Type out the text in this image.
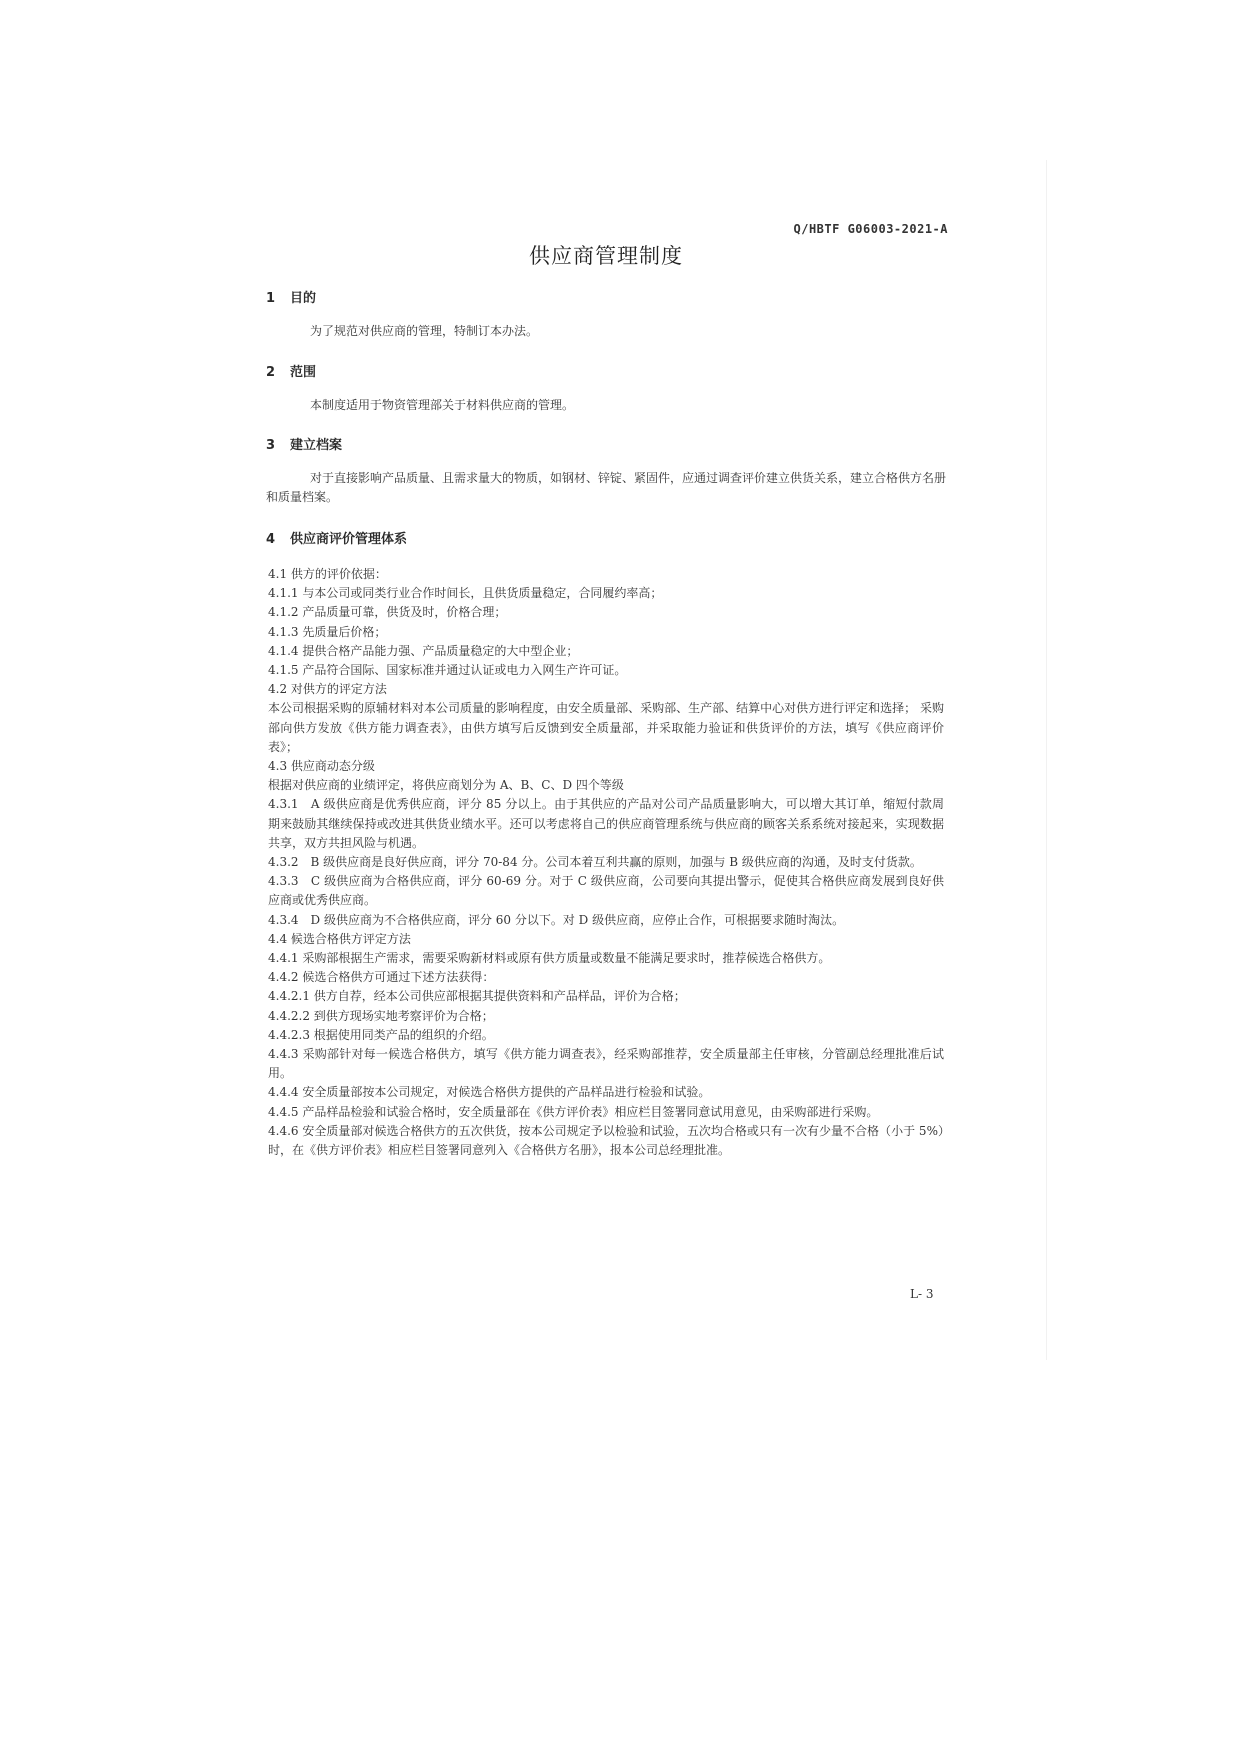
Q/HBTF G06003-2021-A
供应商管理制度
1 目的
为了规范对供应商的管理，特制订本办法。
2 范围
本制度适用于物资管理部关于材料供应商的管理。
3 建立档案
对于直接影响产品质量、且需求量大的物质，如钢材、锌锭、紧固件，应通过调查评价建立供货关系，建立合格供方名册和质量档案。
4 供应商评价管理体系
4.1 供方的评价依据：
4.1.1 与本公司或同类行业合作时间长，且供货质量稳定，合同履约率高；
4.1.2 产品质量可靠，供货及时，价格合理；
4.1.3 先质量后价格；
4.1.4 提供合格产品能力强、产品质量稳定的大中型企业；
4.1.5 产品符合国际、国家标准并通过认证或电力入网生产许可证。
4.2 对供方的评定方法
本公司根据采购的原辅材料对本公司质量的影响程度，由安全质量部、采购部、生产部、结算中心对供方进行评定和选择； 采购部向供方发放《供方能力调查表》，由供方填写后反馈到安全质量部，并采取能力验证和供货评价的方法，填写《供应商评价表》；
4.3 供应商动态分级
根据对供应商的业绩评定，将供应商划分为 A、B、C、D 四个等级
4.3.1　A 级供应商是优秀供应商，评分 85 分以上。由于其供应的产品对公司产品质量影响大，可以增大其订单，缩短付款周期来鼓励其继续保持或改进其供货业绩水平。还可以考虑将自己的供应商管理系统与供应商的顾客关系系统对接起来，实现数据共享，双方共担风险与机遇。
4.3.2　B 级供应商是良好供应商，评分 70-84 分。公司本着互利共赢的原则，加强与 B 级供应商的沟通，及时支付货款。
4.3.3　C 级供应商为合格供应商，评分 60-69 分。对于 C 级供应商，公司要向其提出警示，促使其合格供应商发展到良好供应商或优秀供应商。
4.3.4　D 级供应商为不合格供应商，评分 60 分以下。对 D 级供应商，应停止合作，可根据要求随时淘汰。
4.4 候选合格供方评定方法
4.4.1 采购部根据生产需求，需要采购新材料或原有供方质量或数量不能满足要求时，推荐候选合格供方。
4.4.2 候选合格供方可通过下述方法获得：
4.4.2.1 供方自荐，经本公司供应部根据其提供资料和产品样品，评价为合格；
4.4.2.2 到供方现场实地考察评价为合格；
4.4.2.3 根据使用同类产品的组织的介绍。
4.4.3 采购部针对每一候选合格供方，填写《供方能力调查表》，经采购部推荐，安全质量部主任审核，分管副总经理批准后试用。
4.4.4 安全质量部按本公司规定，对候选合格供方提供的产品样品进行检验和试验。
4.4.5 产品样品检验和试验合格时，安全质量部在《供方评价表》相应栏目签署同意试用意见，由采购部进行采购。
4.4.6 安全质量部对候选合格供方的五次供货，按本公司规定予以检验和试验，五次均合格或只有一次有少量不合格（小于 5%）时，在《供方评价表》相应栏目签署同意列入《合格供方名册》，报本公司总经理批准。
L- 3
